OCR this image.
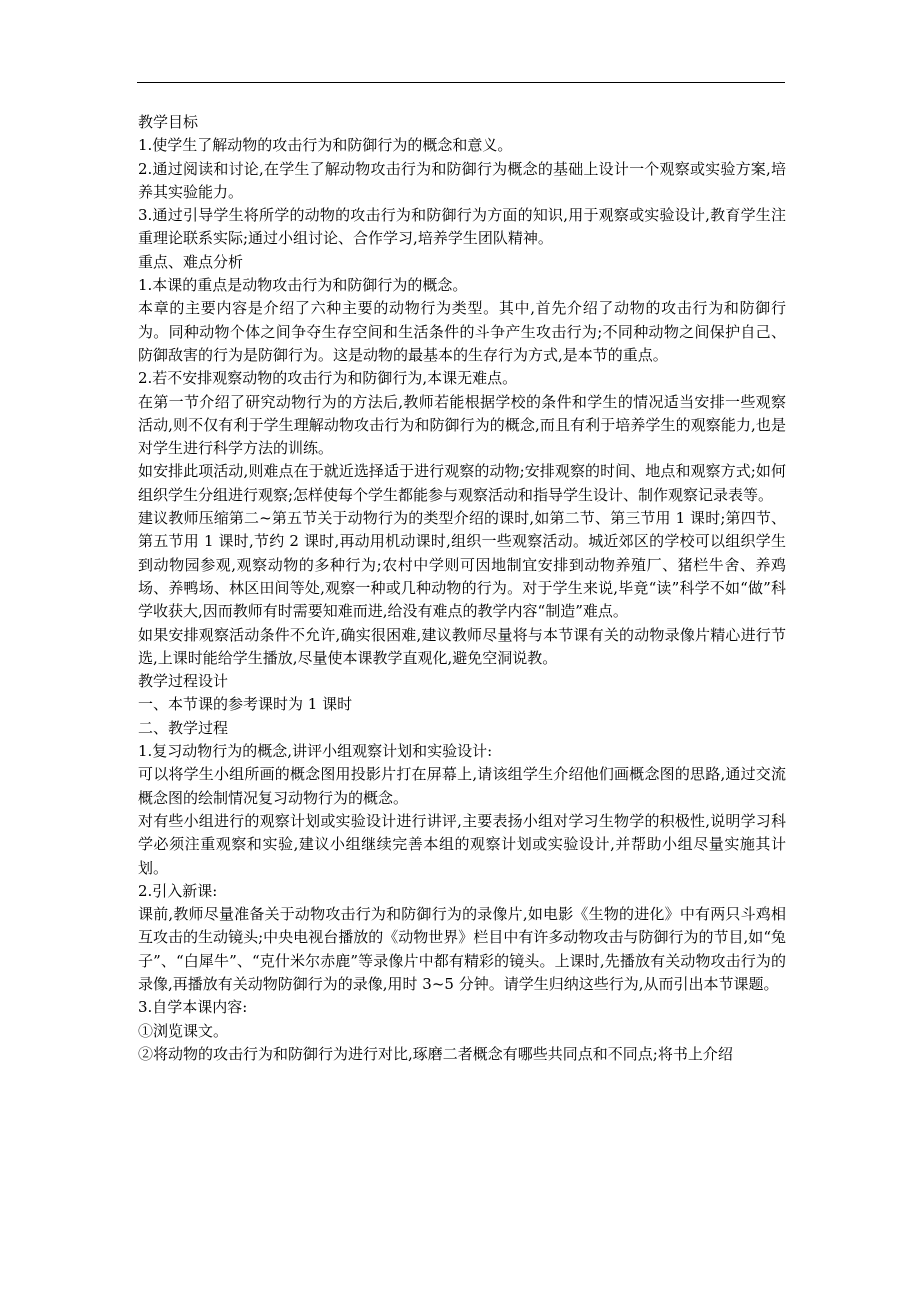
教学目标

1.使学生了解动物的攻击行为和防御行为的概念和意义。

2.通过阅读和讨论,在学生了解动物攻击行为和防御行为概念的基础上设计一个观察或实验方案,培养其实验能力。

3.通过引导学生将所学的动物的攻击行为和防御行为方面的知识,用于观察或实验设计,教育学生注重理论联系实际;通过小组讨论、合作学习,培养学生团队精神。

重点、难点分析

1.本课的重点是动物攻击行为和防御行为的概念。

本章的主要内容是介绍了六种主要的动物行为类型。其中,首先介绍了动物的攻击行为和防御行为。同种动物个体之间争夺生存空间和生活条件的斗争产生攻击行为;不同种动物之间保护自己、防御敌害的行为是防御行为。这是动物的最基本的生存行为方式,是本节的重点。

2.若不安排观察动物的攻击行为和防御行为,本课无难点。

在第一节介绍了研究动物行为的方法后,教师若能根据学校的条件和学生的情况适当安排一些观察活动,则不仅有利于学生理解动物攻击行为和防御行为的概念,而且有利于培养学生的观察能力,也是对学生进行科学方法的训练。

如安排此项活动,则难点在于就近选择适于进行观察的动物;安排观察的时间、地点和观察方式;如何组织学生分组进行观察;怎样使每个学生都能参与观察活动和指导学生设计、制作观察记录表等。

建议教师压缩第二~第五节关于动物行为的类型介绍的课时,如第二节、第三节用 1 课时;第四节、第五节用 1 课时,节约 2 课时,再动用机动课时,组织一些观察活动。城近郊区的学校可以组织学生到动物园参观,观察动物的多种行为;农村中学则可因地制宜安排到动物养殖厂、猪栏牛舍、养鸡场、养鸭场、林区田间等处,观察一种或几种动物的行为。对于学生来说,毕竟“读”科学不如“做”科学收获大,因而教师有时需要知难而进,给没有难点的教学内容“制造”难点。

如果安排观察活动条件不允许,确实很困难,建议教师尽量将与本节课有关的动物录像片精心进行节选,上课时能给学生播放,尽量使本课教学直观化,避免空洞说教。

教学过程设计

一、本节课的参考课时为 1 课时

二、教学过程

1.复习动物行为的概念,讲评小组观察计划和实验设计:

可以将学生小组所画的概念图用投影片打在屏幕上,请该组学生介绍他们画概念图的思路,通过交流概念图的绘制情况复习动物行为的概念。

对有些小组进行的观察计划或实验设计进行讲评,主要表扬小组对学习生物学的积极性,说明学习科学必须注重观察和实验,建议小组继续完善本组的观察计划或实验设计,并帮助小组尽量实施其计划。

2.引入新课:

课前,教师尽量准备关于动物攻击行为和防御行为的录像片,如电影《生物的进化》中有两只斗鸡相互攻击的生动镜头;中央电视台播放的《动物世界》栏目中有许多动物攻击与防御行为的节目,如“兔子”、“白犀牛”、“克什米尔赤鹿”等录像片中都有精彩的镜头。上课时,先播放有关动物攻击行为的录像,再播放有关动物防御行为的录像,用时 3~5 分钟。请学生归纳这些行为,从而引出本节课题。

3.自学本课内容:

①浏览课文。

②将动物的攻击行为和防御行为进行对比,琢磨二者概念有哪些共同点和不同点;将书上介绍
